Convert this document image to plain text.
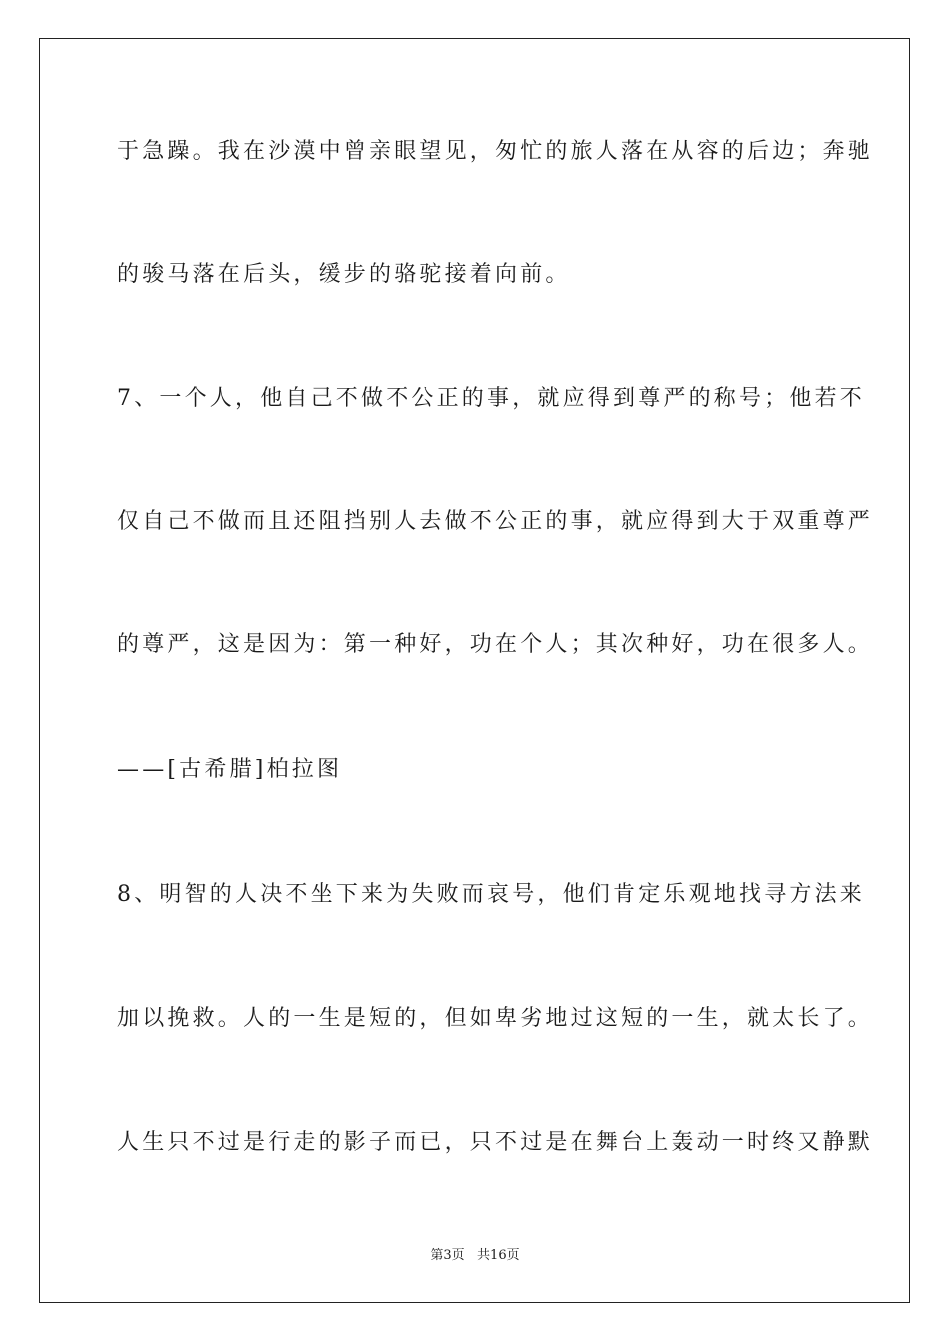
于急躁。我在沙漠中曾亲眼望见，匆忙的旅人落在从容的后边；奔驰
的骏马落在后头，缓步的骆驼接着向前。
7、一个人，他自己不做不公正的事，就应得到尊严的称号；他若不
仅自己不做而且还阻挡别人去做不公正的事，就应得到大于双重尊严
的尊严，这是因为：第一种好，功在个人；其次种好，功在很多人。
——[古希腊]柏拉图
8、明智的人决不坐下来为失败而哀号，他们肯定乐观地找寻方法来
加以挽救。人的一生是短的，但如卑劣地过这短的一生，就太长了。
人生只不过是行走的影子而已，只不过是在舞台上轰动一时终又静默
第3页   共16页
